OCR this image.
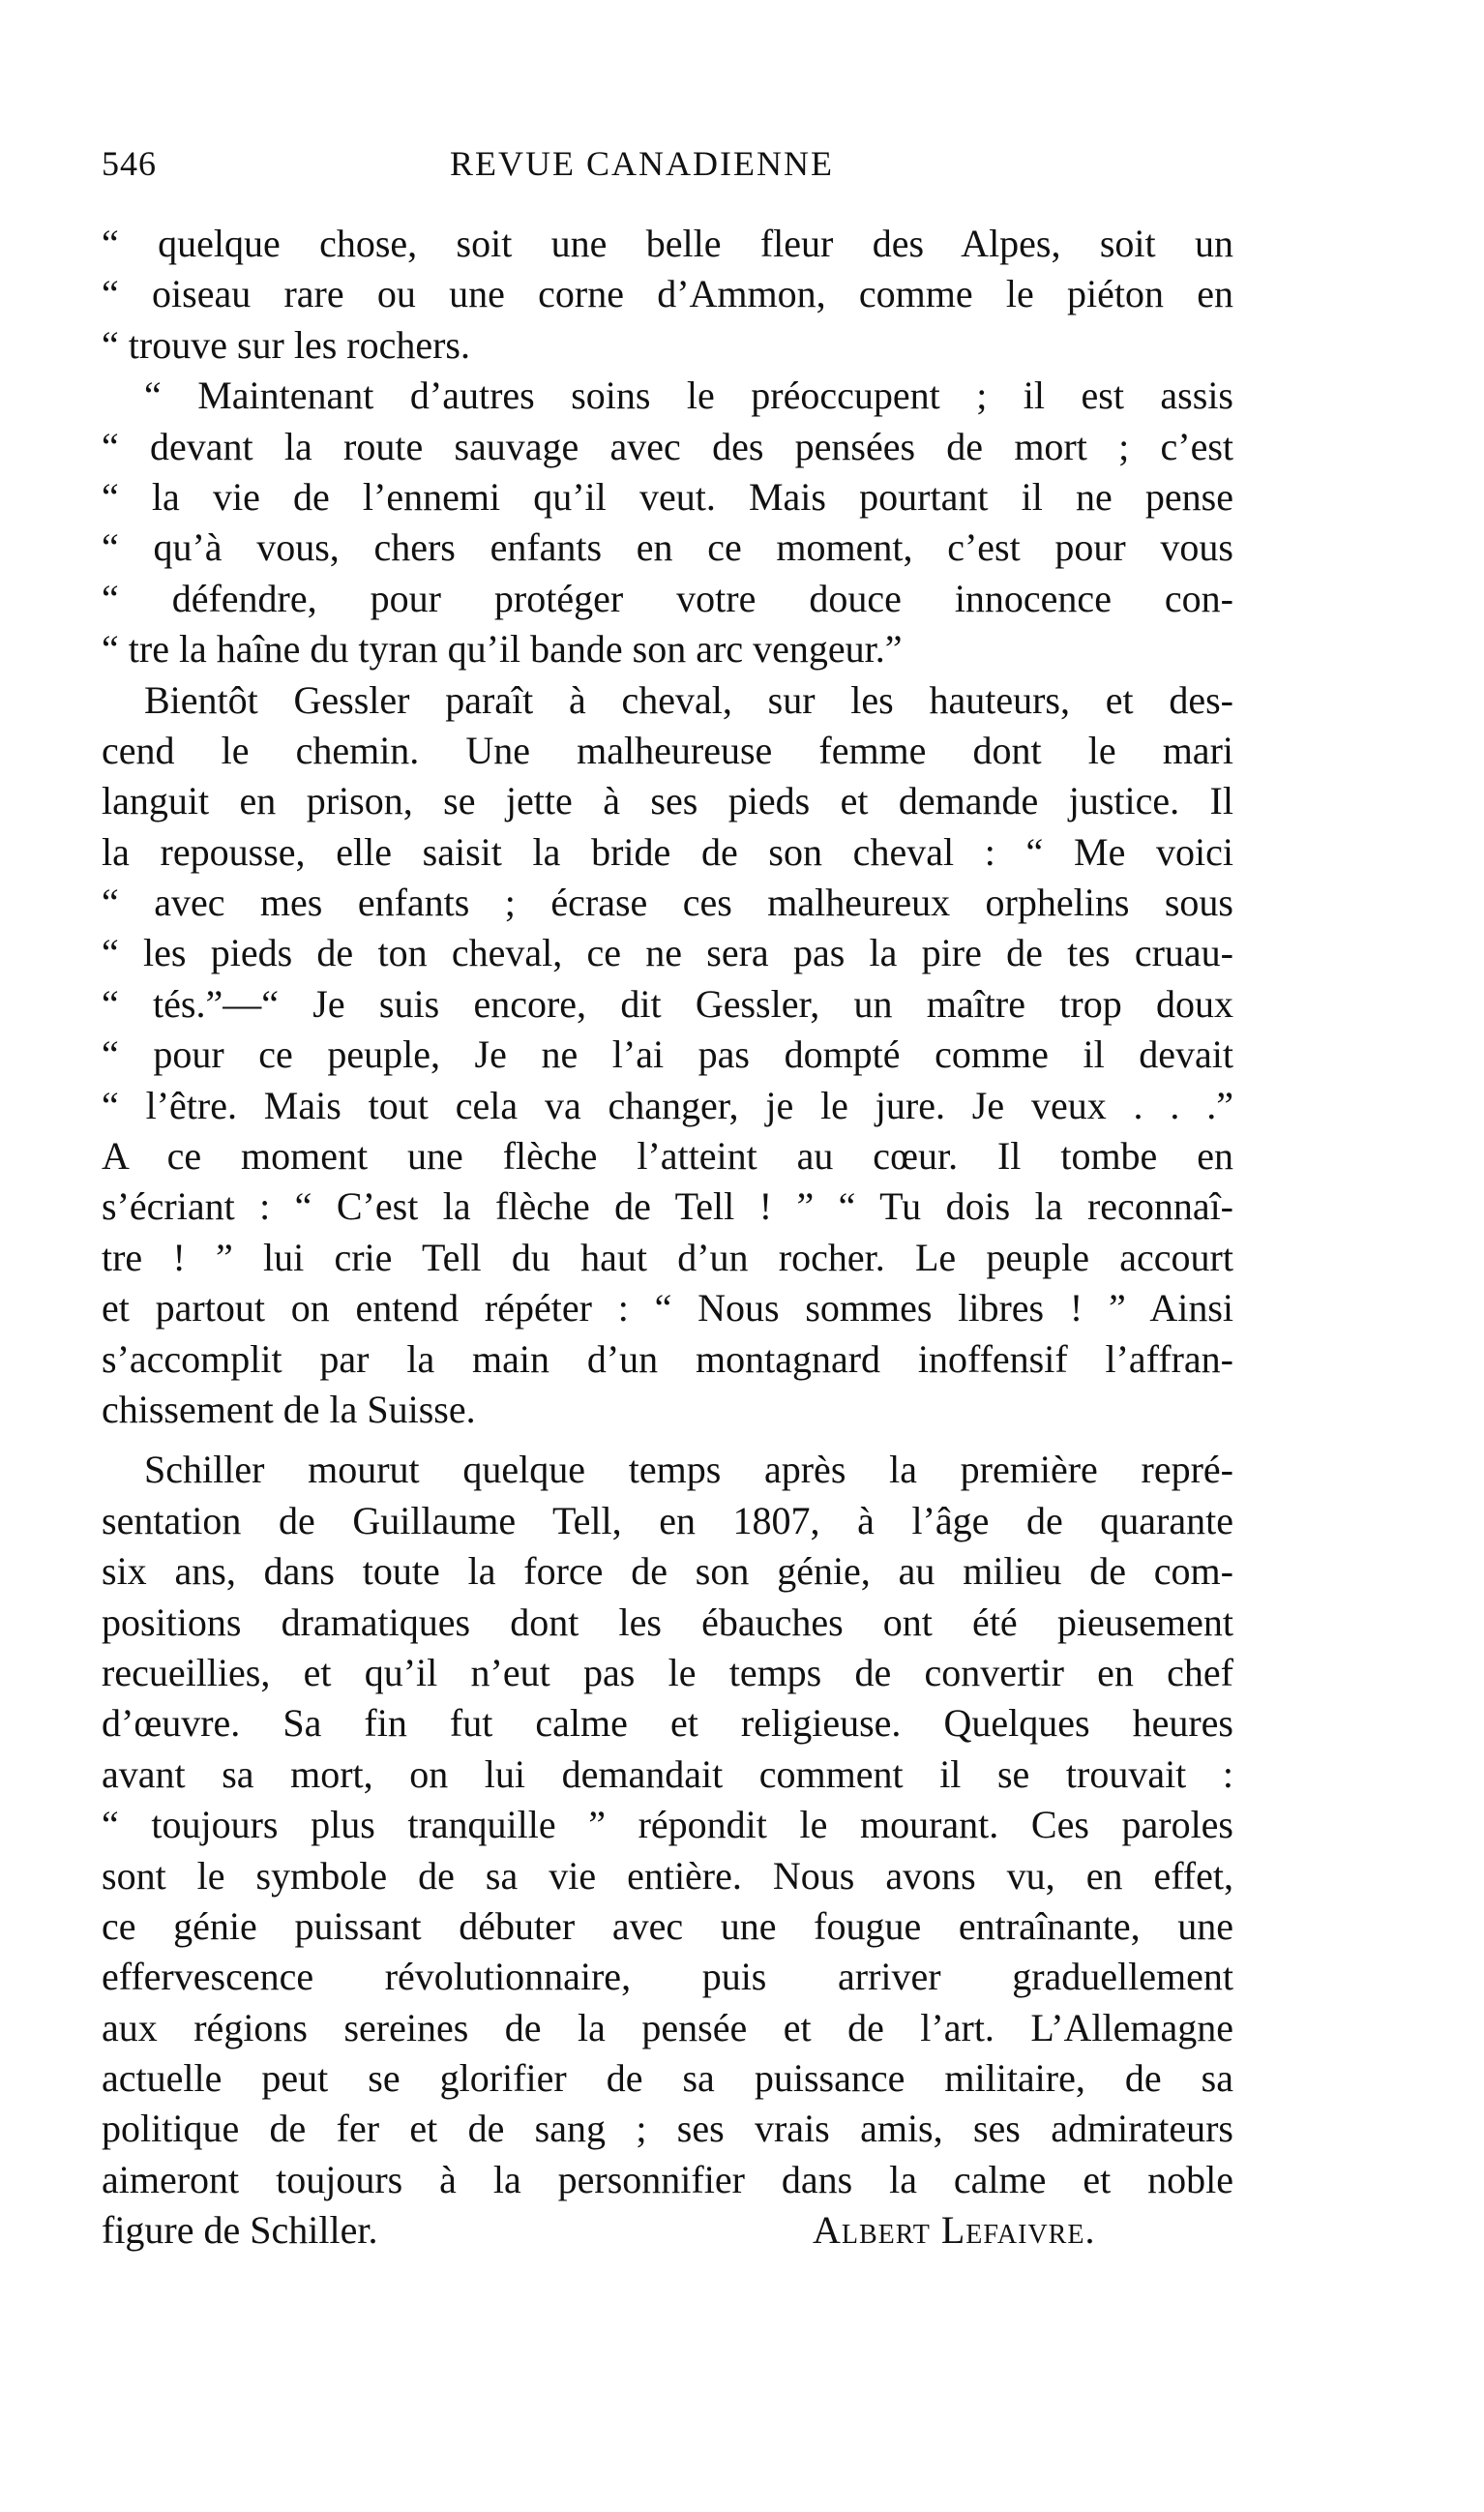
546	REVUE CANADIENNE
“ quelque chose, soit une belle fleur des Alpes, soit un
“ oiseau rare ou une corne d’Ammon, comme le piéton en
“ trouve sur les rochers.
“ Maintenant d’autres soins le préoccupent ; il est assis
“ devant la route sauvage avec des pensées de mort ; c’est
“ la vie de l’ennemi qu’il veut. Mais pourtant il ne pense
“ qu’à vous, chers enfants en ce moment, c’est pour vous
“ défendre, pour protéger votre douce innocence con-
“ tre la haîne du tyran qu’il bande son arc vengeur.”
Bientôt Gessler paraît à cheval, sur les hauteurs, et des-
cend le chemin. Une malheureuse femme dont le mari
languit en prison, se jette à ses pieds et demande justice. Il
la repousse, elle saisit la bride de son cheval : “ Me voici
“ avec mes enfants ; écrase ces malheureux orphelins sous
“ les pieds de ton cheval, ce ne sera pas la pire de tes cruau-
“ tés.”—“ Je suis encore, dit Gessler, un maître trop doux
“ pour ce peuple, Je ne l’ai pas dompté comme il devait
“ l’être. Mais tout cela va changer, je le jure. Je veux . . .”
A ce moment une flèche l’atteint au cœur. Il tombe en
s’écriant : “ C’est la flèche de Tell ! ” “ Tu dois la reconnaî-
tre ! ” lui crie Tell du haut d’un rocher. Le peuple accourt
et partout on entend répéter : “ Nous sommes libres ! ” Ainsi
s’accomplit par la main d’un montagnard inoffensif l’affran-
chissement de la Suisse.
Schiller mourut quelque temps après la première repré-
sentation de Guillaume Tell, en 1807, à l’âge de quarante
six ans, dans toute la force de son génie, au milieu de com-
positions dramatiques dont les ébauches ont été pieusement
recueillies, et qu’il n’eut pas le temps de convertir en chef
d’œuvre. Sa fin fut calme et religieuse. Quelques heures
avant sa mort, on lui demandait comment il se trouvait :
“ toujours plus tranquille ” répondit le mourant. Ces paroles
sont le symbole de sa vie entière. Nous avons vu, en effet,
ce génie puissant débuter avec une fougue entraînante, une
effervescence révolutionnaire, puis arriver graduellement
aux régions sereines de la pensée et de l’art. L’Allemagne
actuelle peut se glorifier de sa puissance militaire, de sa
politique de fer et de sang ; ses vrais amis, ses admirateurs
aimeront toujours à la personnifier dans la calme et noble
figure de Schiller.	Albert Lefaivre.
